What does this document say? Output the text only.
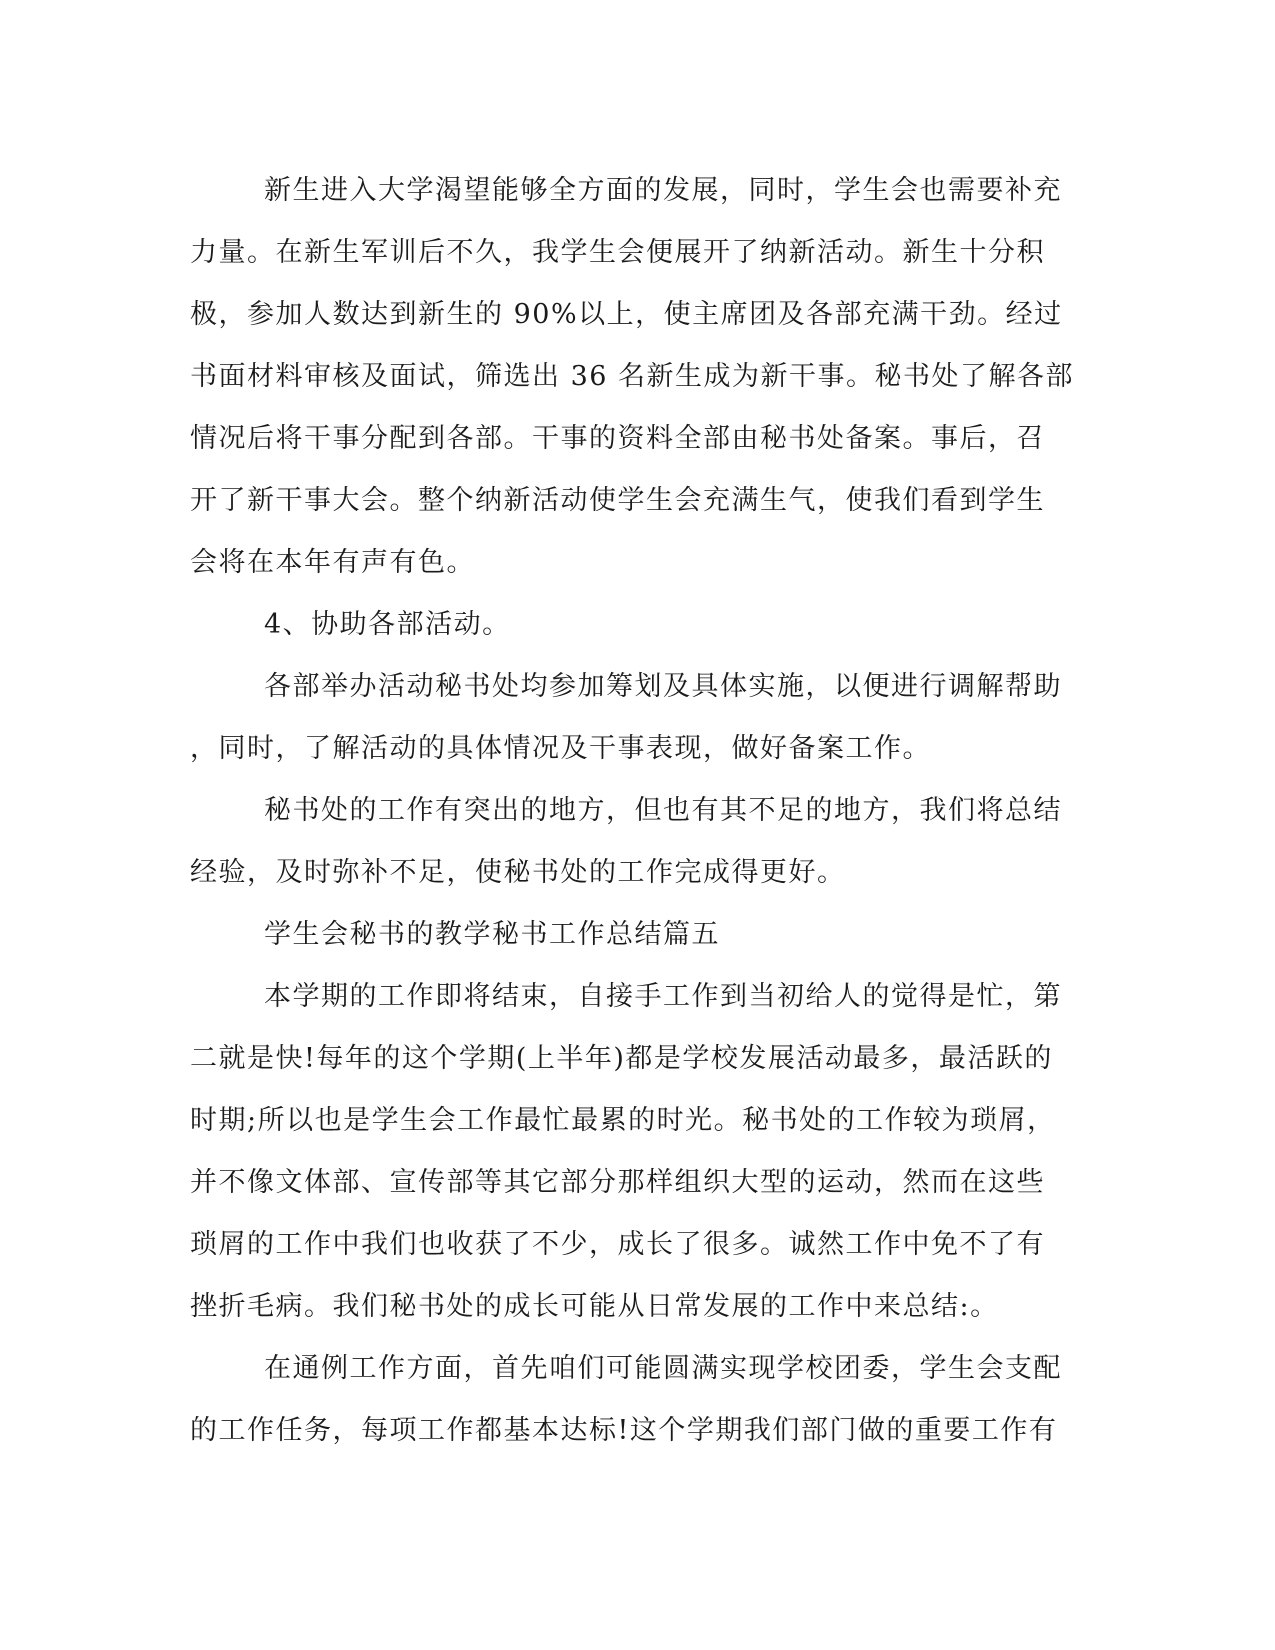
新生进入大学渴望能够全方面的发展，同时，学生会也需要补充
力量。在新生军训后不久，我学生会便展开了纳新活动。新生十分积
极，参加人数达到新生的 90%以上，使主席团及各部充满干劲。经过
书面材料审核及面试，筛选出 36 名新生成为新干事。秘书处了解各部
情况后将干事分配到各部。干事的资料全部由秘书处备案。事后，召
开了新干事大会。整个纳新活动使学生会充满生气，使我们看到学生
会将在本年有声有色。
4、协助各部活动。
各部举办活动秘书处均参加筹划及具体实施，以便进行调解帮助
，同时，了解活动的具体情况及干事表现，做好备案工作。
秘书处的工作有突出的地方，但也有其不足的地方，我们将总结
经验，及时弥补不足，使秘书处的工作完成得更好。
学生会秘书的教学秘书工作总结篇五
本学期的工作即将结束，自接手工作到当初给人的觉得是忙，第
二就是快!每年的这个学期(上半年)都是学校发展活动最多，最活跃的
时期;所以也是学生会工作最忙最累的时光。秘书处的工作较为琐屑，
并不像文体部、宣传部等其它部分那样组织大型的运动，然而在这些
琐屑的工作中我们也收获了不少，成长了很多。诚然工作中免不了有
挫折毛病。我们秘书处的成长可能从日常发展的工作中来总结:。
在通例工作方面，首先咱们可能圆满实现学校团委，学生会支配
的工作任务，每项工作都基本达标!这个学期我们部门做的重要工作有
